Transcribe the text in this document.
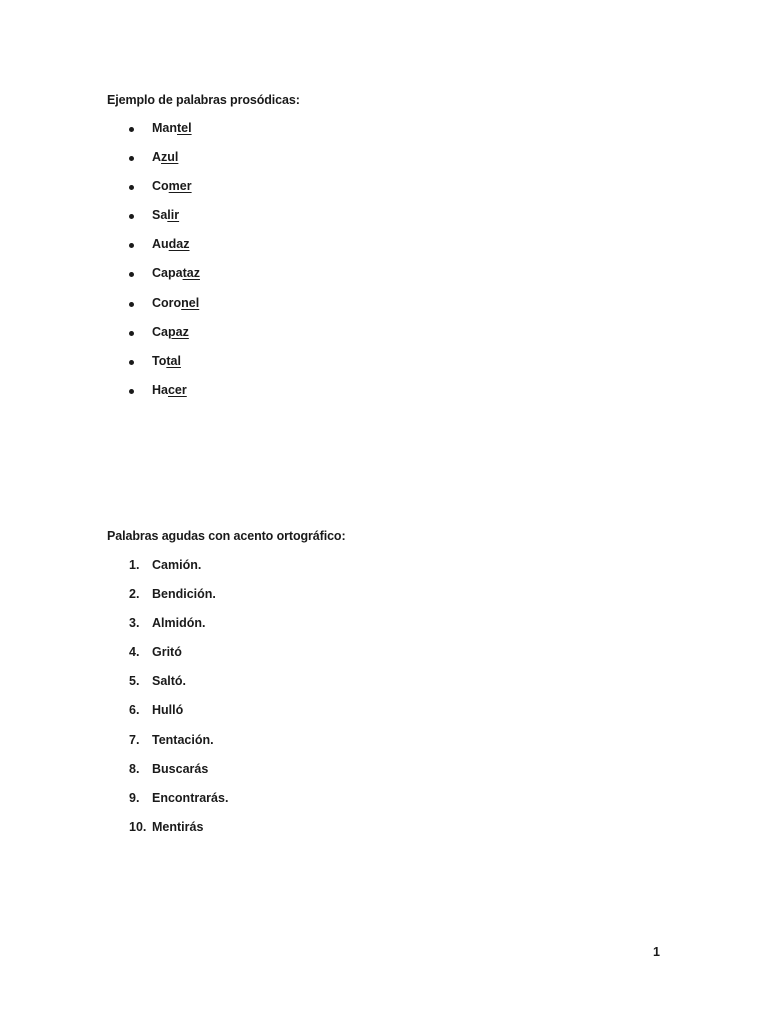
Ejemplo de palabras prosódicas:

Mantel
Azul
Comer
Salir
Audaz
Capataz
Coronel
Capaz
Total
Hacer

Palabras agudas con acento ortográfico:

1. Camión.
2. Bendición.
3. Almidón.
4. Gritó
5. Saltó.
6. Hulló
7. Tentación.
8. Buscarás
9. Encontrarás.
10. Mentirás
1
